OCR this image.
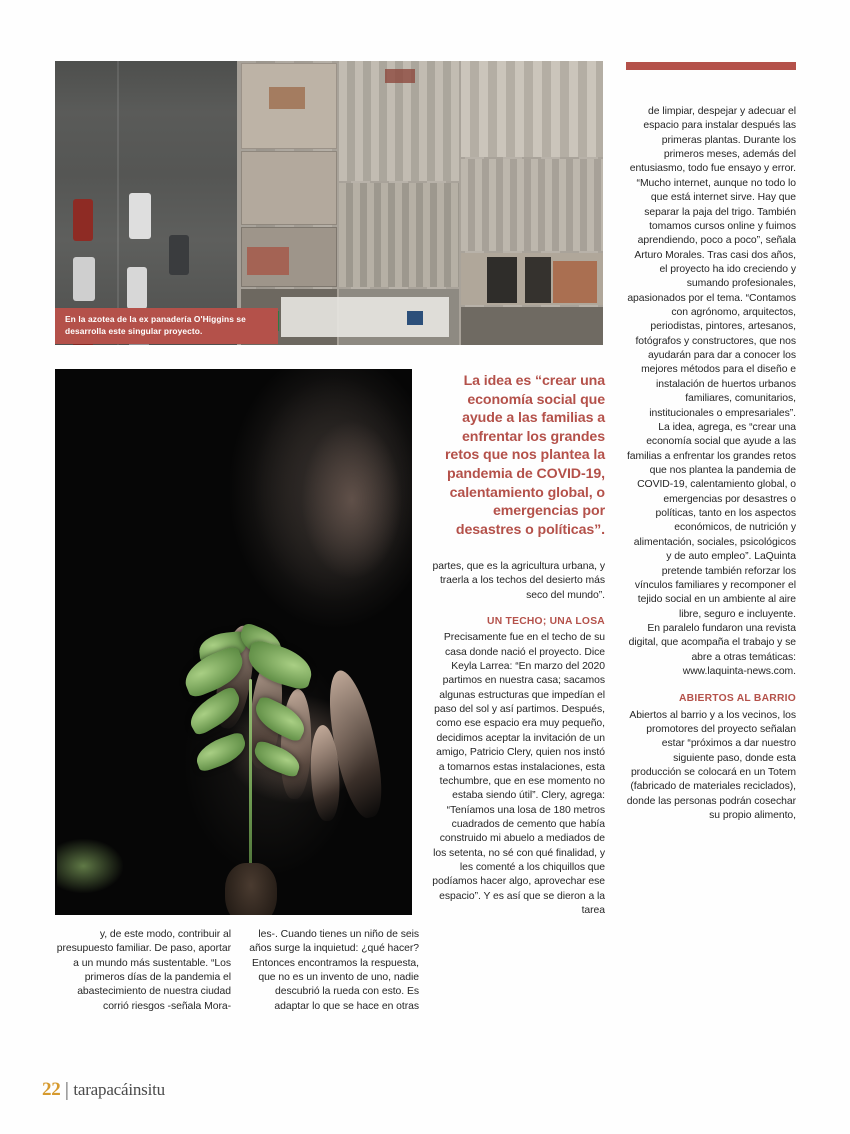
En la azotea de la ex panadería O'Higgins se desarrolla este singular proyecto.
La idea es “crear una economía social que ayude a las familias a enfrentar los grandes retos que nos plantea la pandemia de COVID-19, calentamiento global, o emergencias por desastres o políticas”.

partes, que es la agricultura urbana, y traerla a los techos del desierto más seco del mundo”.

UN TECHO; UNA LOSA

Precisamente fue en el techo de su casa donde nació el proyecto. Dice Keyla Larrea: “En marzo del 2020 partimos en nuestra casa; sacamos algunas estructuras que impedían el paso del sol y así partimos. Después, como ese espacio era muy pequeño, decidimos aceptar la invitación de un amigo, Patricio Clery, quien nos instó a tomarnos estas instalaciones, esta techumbre, que en ese momento no estaba siendo útil”. Clery, agrega: “Teníamos una losa de 180 metros cuadrados de cemento que había construido mi abuelo a mediados de los setenta, no sé con qué finalidad, y les comenté a los chiquillos que podíamos hacer algo, aprovechar ese espacio”. Y es así que se dieron a la tarea

de limpiar, despejar y adecuar el espacio para instalar después las primeras plantas. Durante los primeros meses, además del entusiasmo, todo fue ensayo y error.

“Mucho internet, aunque no todo lo que está internet sirve. Hay que separar la paja del trigo. También tomamos cursos online y fuimos aprendiendo, poco a poco”, señala Arturo Morales. Tras casi dos años, el proyecto ha ido creciendo y sumando profesionales, apasionados por el tema. “Contamos con agrónomo, arquitectos, periodistas, pintores, artesanos, fotógrafos y constructores, que nos ayudarán para dar a conocer los mejores métodos para el diseño e instalación de huertos urbanos familiares, comunitarios, institucionales o empresariales”.

La idea, agrega, es “crear una economía social que ayude a las familias a enfrentar los grandes retos que nos plantea la pandemia de COVID-19, calentamiento global, o emergencias por desastres o políticas, tanto en los aspectos económicos, de nutrición y alimentación, sociales, psicológicos y de auto empleo”. LaQuinta pretende también reforzar los vínculos familiares y recomponer el tejido social en un ambiente al aire libre, seguro e incluyente.

En paralelo fundaron una revista digital, que acompaña el trabajo y se abre a otras temáticas: www.laquinta-news.com.

ABIERTOS AL BARRIO

Abiertos al barrio y a los vecinos, los promotores del proyecto señalan estar “próximos a dar nuestro siguiente paso, donde esta producción se colocará en un Totem (fabricado de materiales reciclados), donde las personas podrán cosechar su propio alimento,

y, de este modo, contribuir al presupuesto familiar. De paso, aportar a un mundo más sustentable. “Los primeros días de la pandemia el abastecimiento de nuestra ciudad corrió riesgos -señala Mora-

les-. Cuando tienes un niño de seis años surge la inquietud: ¿qué hacer? Entonces encontramos la respuesta, que no es un invento de uno, nadie descubrió la rueda con esto. Es adaptar lo que se hace en otras

22 | tarapacáinsitu
